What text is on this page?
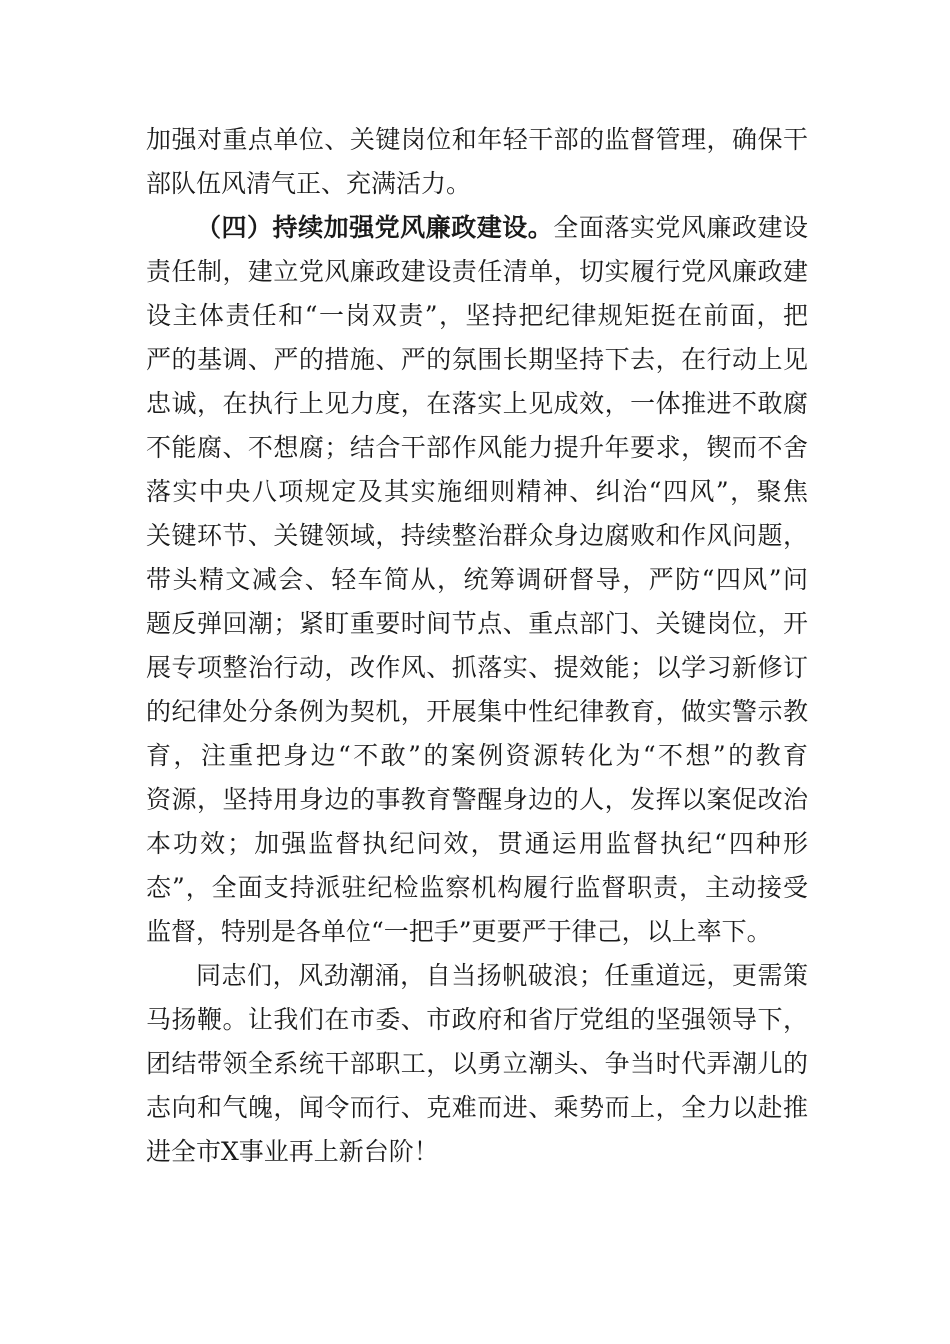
加强对重点单位、关键岗位和年轻干部的监督管理，确保干
部队伍风清气正、充满活力。
（四）持续加强党风廉政建设。全面落实党风廉政建设
责任制，建立党风廉政建设责任清单，切实履行党风廉政建
设主体责任和“一岗双责”，坚持把纪律规矩挺在前面，把
严的基调、严的措施、严的氛围长期坚持下去，在行动上见
忠诚，在执行上见力度，在落实上见成效，一体推进不敢腐
不能腐、不想腐；结合干部作风能力提升年要求，锲而不舍
落实中央八项规定及其实施细则精神、纠治“四风”，聚焦
关键环节、关键领域，持续整治群众身边腐败和作风问题，
带头精文减会、轻车简从，统筹调研督导，严防“四风”问
题反弹回潮；紧盯重要时间节点、重点部门、关键岗位，开
展专项整治行动，改作风、抓落实、提效能；以学习新修订
的纪律处分条例为契机，开展集中性纪律教育，做实警示教
育，注重把身边“不敢”的案例资源转化为“不想”的教育
资源，坚持用身边的事教育警醒身边的人，发挥以案促改治
本功效；加强监督执纪问效，贯通运用监督执纪“四种形
态”，全面支持派驻纪检监察机构履行监督职责，主动接受
监督，特别是各单位“一把手”更要严于律己，以上率下。
同志们，风劲潮涌，自当扬帆破浪；任重道远，更需策
马扬鞭。让我们在市委、市政府和省厅党组的坚强领导下，
团结带领全系统干部职工，以勇立潮头、争当时代弄潮儿的
志向和气魄，闻令而行、克难而进、乘势而上，全力以赴推
进全市X事业再上新台阶！
